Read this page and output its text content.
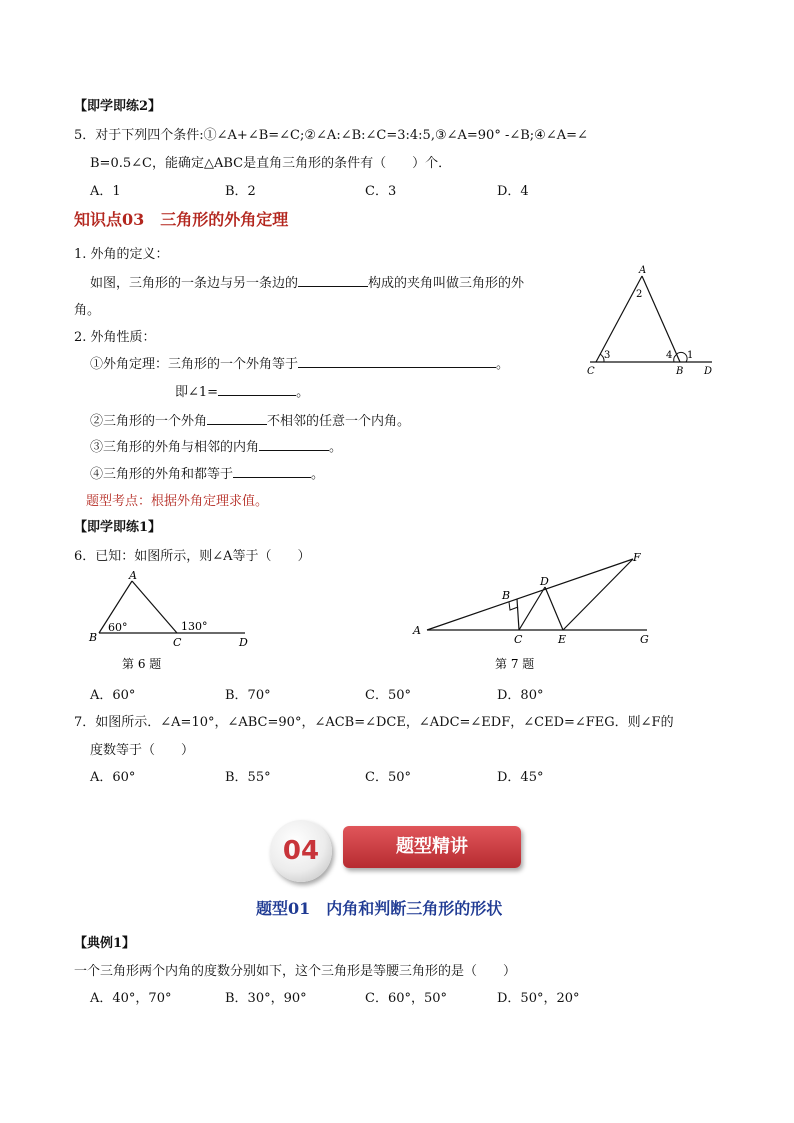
【即学即练2】
5．对于下列四个条件:①∠A+∠B=∠C;②∠A:∠B:∠C=3:4:5,③∠A=90° -∠B;④∠A=∠
B=0.5∠C，能确定△ABC是直角三角形的条件有（　　）个．
A．1	B．2	C．3	D．4
知识点03　三角形的外角定理
1. 外角的定义：
如图，三角形的一条边与另一条边的	构成的夹角叫做三角形的外
角。
2. 外角性质：
①外角定理：三角形的一个外角等于	。
即∠1=	。
②三角形的一个外角	不相邻的任意一个内角。
③三角形的外角与相邻的内角	。
④三角形的外角和都等于	。
题型考点：根据外角定理求值。
A
2
3	4 1
C	B D
【即学即练1】
6．已知：如图所示，则∠A等于（　　）
A
B	C	D
60°	130°
第 6 题
A
B
C
D
E
F
G
第 7 题
A．60°	B．70°	C．50°	D．80°
7．如图所示．∠A=10°，∠ABC=90°，∠ACB=∠DCE，∠ADC=∠EDF，∠CED=∠FEG．则∠F的
度数等于（　　）
A．60°	B．55°	C．50°	D．45°
04	题型精讲
题型01　内角和判断三角形的形状
【典例1】
一个三角形两个内角的度数分别如下，这个三角形是等腰三角形的是（　　）
A．40°，70°	B．30°，90°	C．60°，50°	D．50°，20°
